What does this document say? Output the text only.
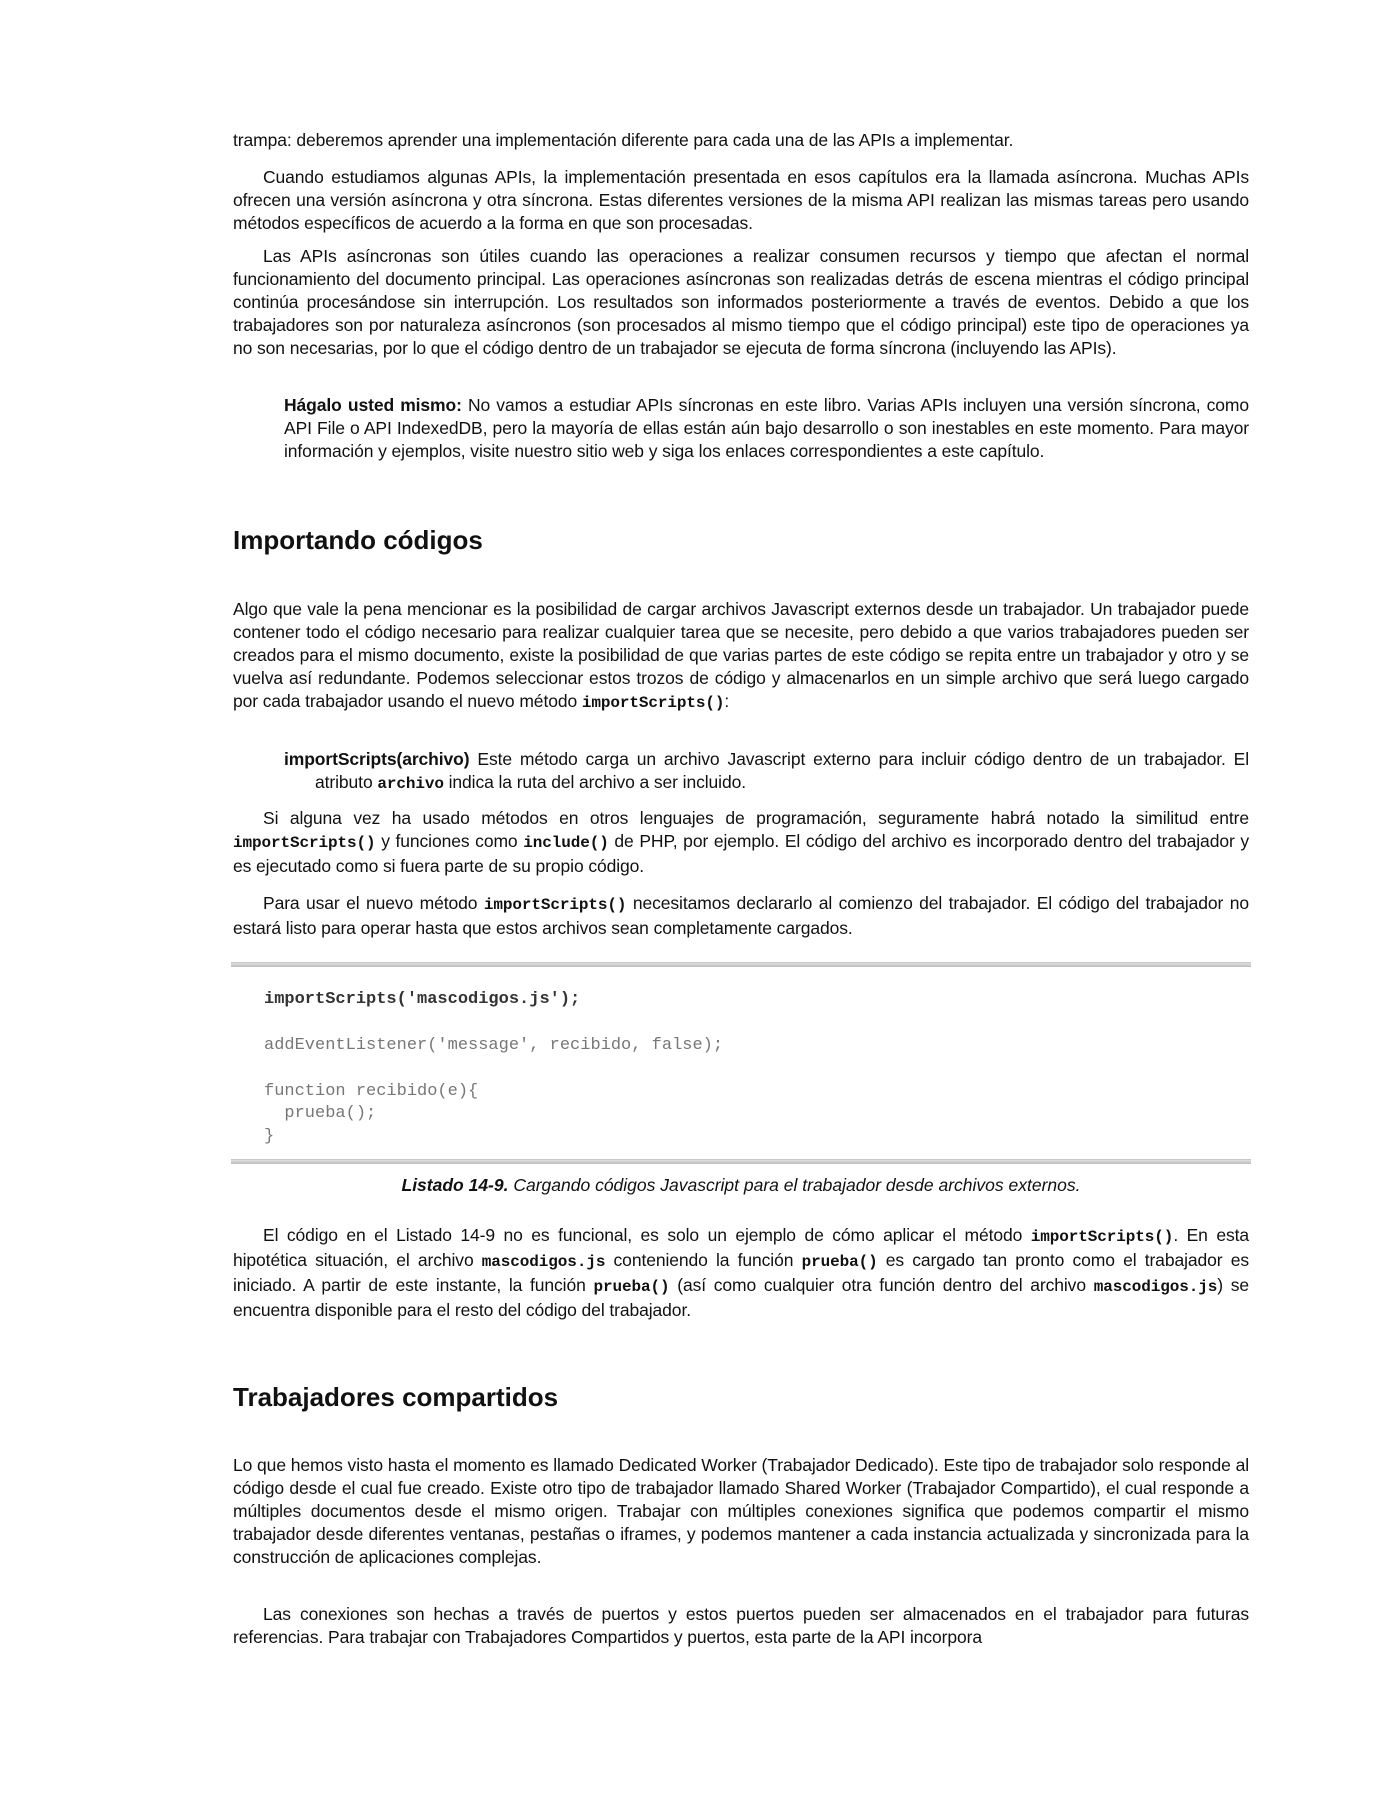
trampa: deberemos aprender una implementación diferente para cada una de las APIs a implementar.
Cuando estudiamos algunas APIs, la implementación presentada en esos capítulos era la llamada asíncrona. Muchas APIs ofrecen una versión asíncrona y otra síncrona. Estas diferentes versiones de la misma API realizan las mismas tareas pero usando métodos específicos de acuerdo a la forma en que son procesadas.
Las APIs asíncronas son útiles cuando las operaciones a realizar consumen recursos y tiempo que afectan el normal funcionamiento del documento principal. Las operaciones asíncronas son realizadas detrás de escena mientras el código principal continúa procesándose sin interrupción. Los resultados son informados posteriormente a través de eventos. Debido a que los trabajadores son por naturaleza asíncronos (son procesados al mismo tiempo que el código principal) este tipo de operaciones ya no son necesarias, por lo que el código dentro de un trabajador se ejecuta de forma síncrona (incluyendo las APIs).
Hágalo usted mismo: No vamos a estudiar APIs síncronas en este libro. Varias APIs incluyen una versión síncrona, como API File o API IndexedDB, pero la mayoría de ellas están aún bajo desarrollo o son inestables en este momento. Para mayor información y ejemplos, visite nuestro sitio web y siga los enlaces correspondientes a este capítulo.
Importando códigos
Algo que vale la pena mencionar es la posibilidad de cargar archivos Javascript externos desde un trabajador. Un trabajador puede contener todo el código necesario para realizar cualquier tarea que se necesite, pero debido a que varios trabajadores pueden ser creados para el mismo documento, existe la posibilidad de que varias partes de este código se repita entre un trabajador y otro y se vuelva así redundante. Podemos seleccionar estos trozos de código y almacenarlos en un simple archivo que será luego cargado por cada trabajador usando el nuevo método importScripts():
importScripts(archivo) Este método carga un archivo Javascript externo para incluir código dentro de un trabajador. El atributo archivo indica la ruta del archivo a ser incluido.
Si alguna vez ha usado métodos en otros lenguajes de programación, seguramente habrá notado la similitud entre importScripts() y funciones como include() de PHP, por ejemplo. El código del archivo es incorporado dentro del trabajador y es ejecutado como si fuera parte de su propio código.
Para usar el nuevo método importScripts() necesitamos declararlo al comienzo del trabajador. El código del trabajador no estará listo para operar hasta que estos archivos sean completamente cargados.
importScripts('mascodigos.js');
addEventListener('message', recibido, false);
function recibido(e){
prueba();
}
Listado 14-9. Cargando códigos Javascript para el trabajador desde archivos externos.
El código en el Listado 14-9 no es funcional, es solo un ejemplo de cómo aplicar el método importScripts(). En esta hipotética situación, el archivo mascodigos.js conteniendo la función prueba() es cargado tan pronto como el trabajador es iniciado. A partir de este instante, la función prueba() (así como cualquier otra función dentro del archivo mascodigos.js) se encuentra disponible para el resto del código del trabajador.
Trabajadores compartidos
Lo que hemos visto hasta el momento es llamado Dedicated Worker (Trabajador Dedicado). Este tipo de trabajador solo responde al código desde el cual fue creado. Existe otro tipo de trabajador llamado Shared Worker (Trabajador Compartido), el cual responde a múltiples documentos desde el mismo origen. Trabajar con múltiples conexiones significa que podemos compartir el mismo trabajador desde diferentes ventanas, pestañas o iframes, y podemos mantener a cada instancia actualizada y sincronizada para la construcción de aplicaciones complejas.
Las conexiones son hechas a través de puertos y estos puertos pueden ser almacenados en el trabajador para futuras referencias. Para trabajar con Trabajadores Compartidos y puertos, esta parte de la API incorpora
